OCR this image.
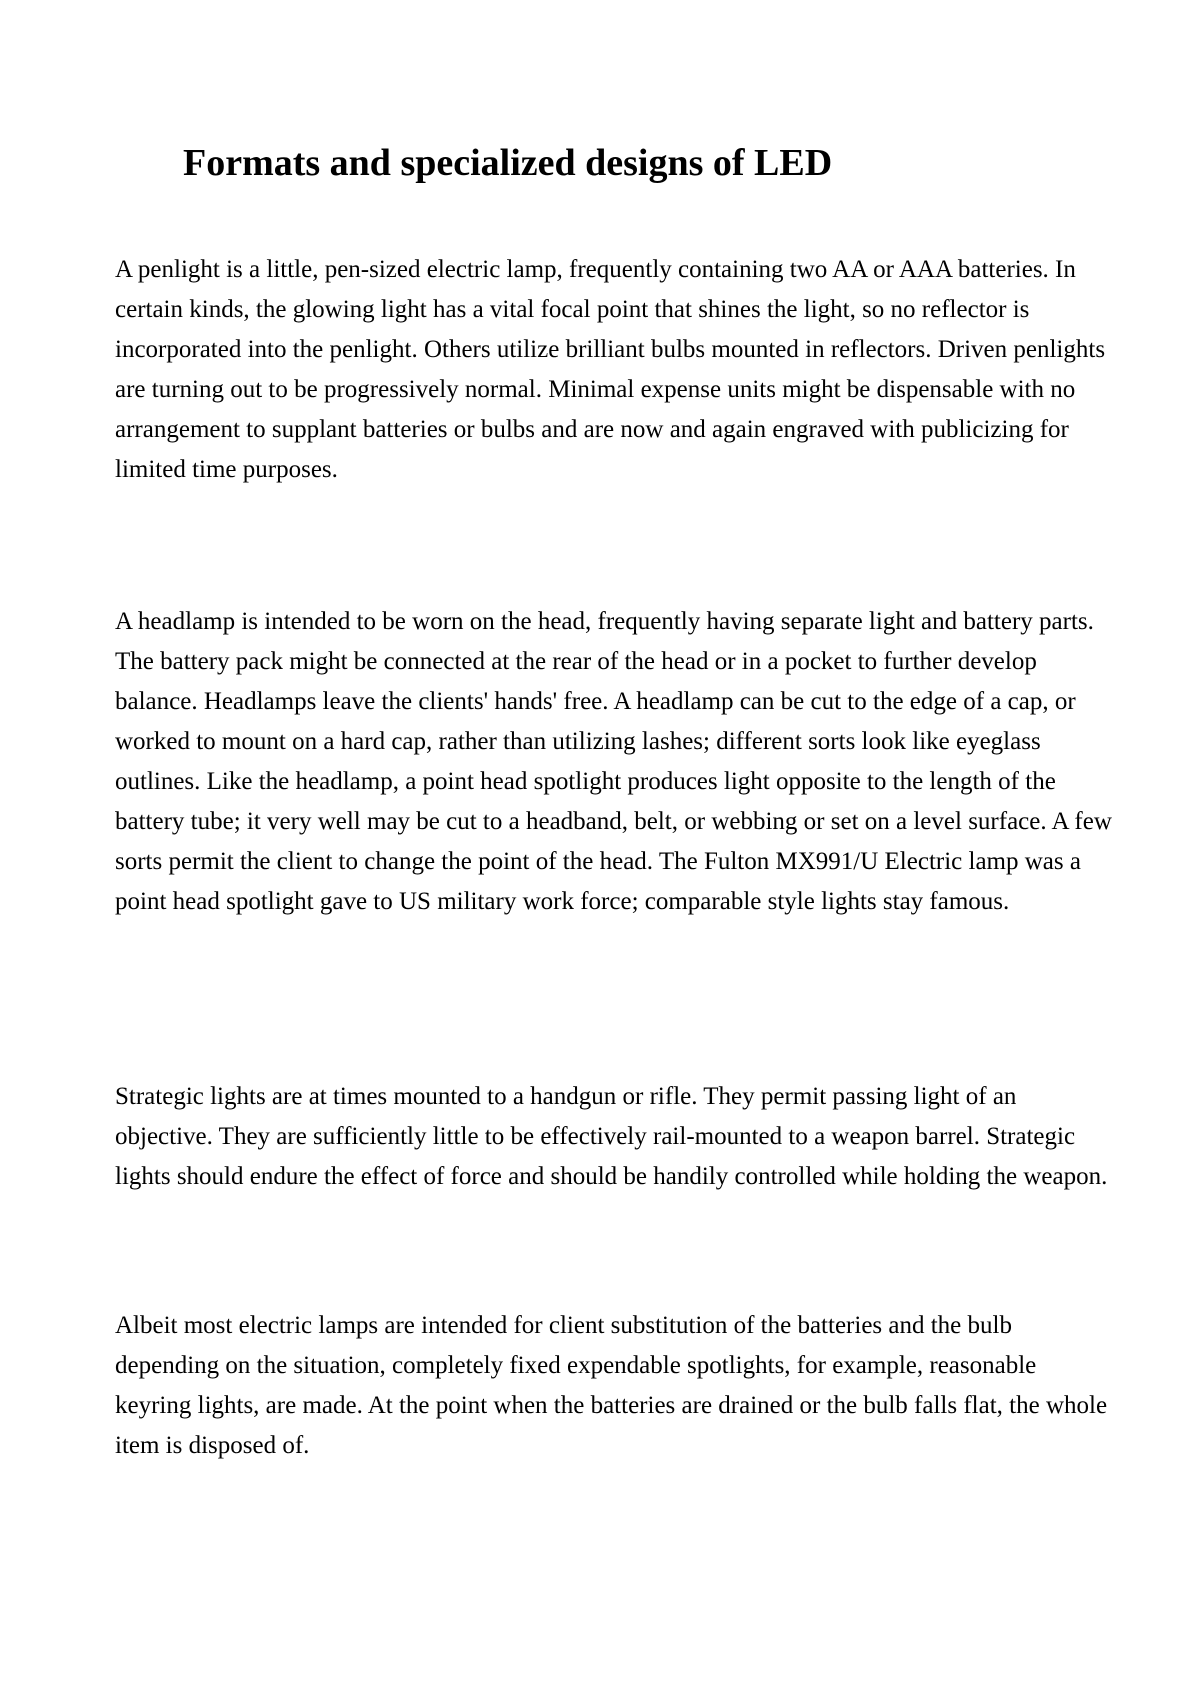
Formats and specialized designs of LED

A penlight is a little, pen-sized electric lamp, frequently containing two AA or AAA batteries. In certain kinds, the glowing light has a vital focal point that shines the light, so no reflector is incorporated into the penlight. Others utilize brilliant bulbs mounted in reflectors. Driven penlights are turning out to be progressively normal. Minimal expense units might be dispensable with no arrangement to supplant batteries or bulbs and are now and again engraved with publicizing for limited time purposes.

A headlamp is intended to be worn on the head, frequently having separate light and battery parts. The battery pack might be connected at the rear of the head or in a pocket to further develop balance. Headlamps leave the clients' hands' free. A headlamp can be cut to the edge of a cap, or worked to mount on a hard cap, rather than utilizing lashes; different sorts look like eyeglass outlines. Like the headlamp, a point head spotlight produces light opposite to the length of the battery tube; it very well may be cut to a headband, belt, or webbing or set on a level surface. A few sorts permit the client to change the point of the head. The Fulton MX991/U Electric lamp was a point head spotlight gave to US military work force; comparable style lights stay famous.

Strategic lights are at times mounted to a handgun or rifle. They permit passing light of an objective. They are sufficiently little to be effectively rail-mounted to a weapon barrel. Strategic lights should endure the effect of force and should be handily controlled while holding the weapon.

Albeit most electric lamps are intended for client substitution of the batteries and the bulb depending on the situation, completely fixed expendable spotlights, for example, reasonable keyring lights, are made. At the point when the batteries are drained or the bulb falls flat, the whole item is disposed of.
